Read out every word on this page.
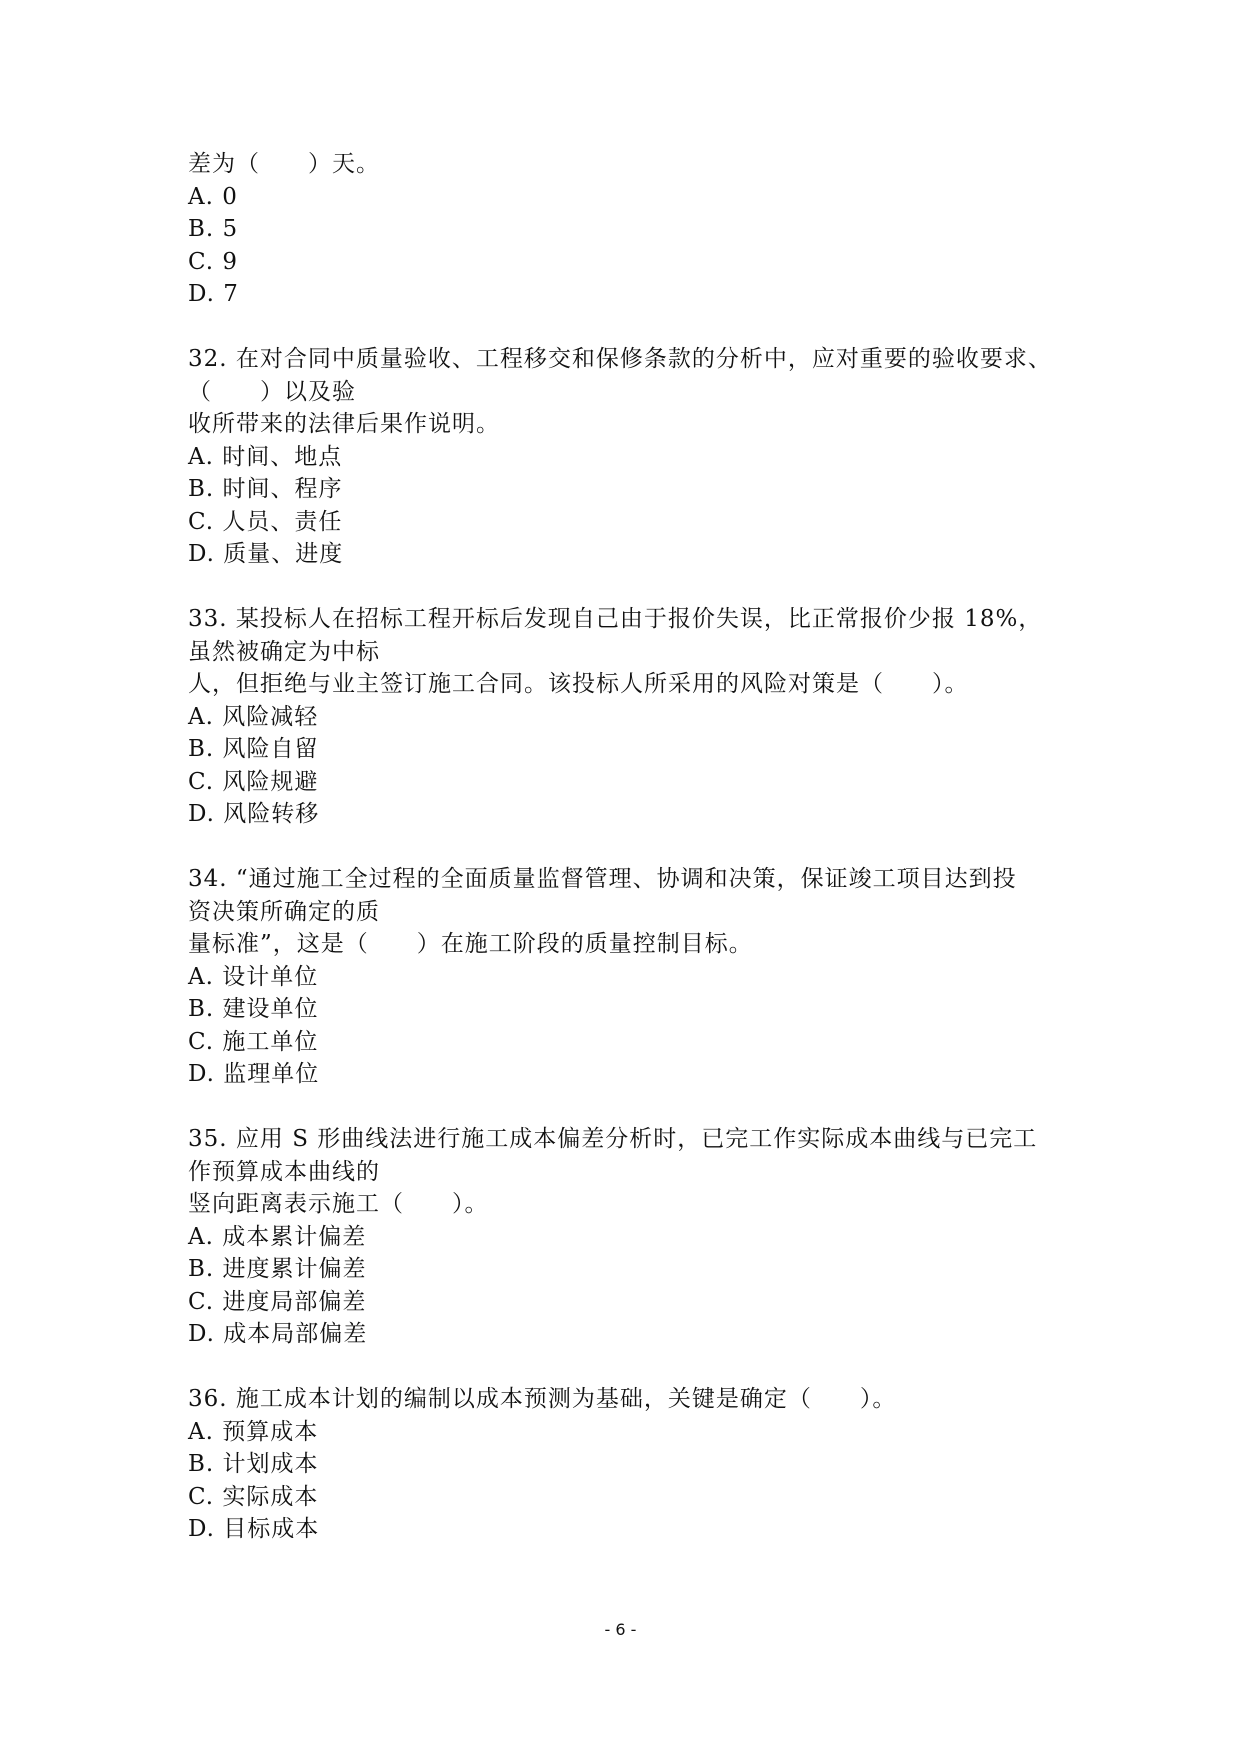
差为（　　）天。

A. 0

B. 5

C. 9

D. 7

32. 在对合同中质量验收、工程移交和保修条款的分析中，应对重要的验收要求、

（　　）以及验

收所带来的法律后果作说明。

A. 时间、地点

B. 时间、程序

C. 人员、责任

D. 质量、进度

33. 某投标人在招标工程开标后发现自己由于报价失误，比正常报价少报 18%，

虽然被确定为中标

人，但拒绝与业主签订施工合同。该投标人所采用的风险对策是（　　）。

A. 风险减轻

B. 风险自留

C. 风险规避

D. 风险转移

34. “通过施工全过程的全面质量监督管理、协调和决策，保证竣工项目达到投

资决策所确定的质

量标准”，这是（　　）在施工阶段的质量控制目标。

A. 设计单位

B. 建设单位

C. 施工单位

D. 监理单位

35. 应用 S 形曲线法进行施工成本偏差分析时，已完工作实际成本曲线与已完工

作预算成本曲线的

竖向距离表示施工（　　）。

A. 成本累计偏差

B. 进度累计偏差

C. 进度局部偏差

D. 成本局部偏差

36. 施工成本计划的编制以成本预测为基础，关键是确定（　　）。

A. 预算成本

B. 计划成本

C. 实际成本

D. 目标成本

- 6 -
